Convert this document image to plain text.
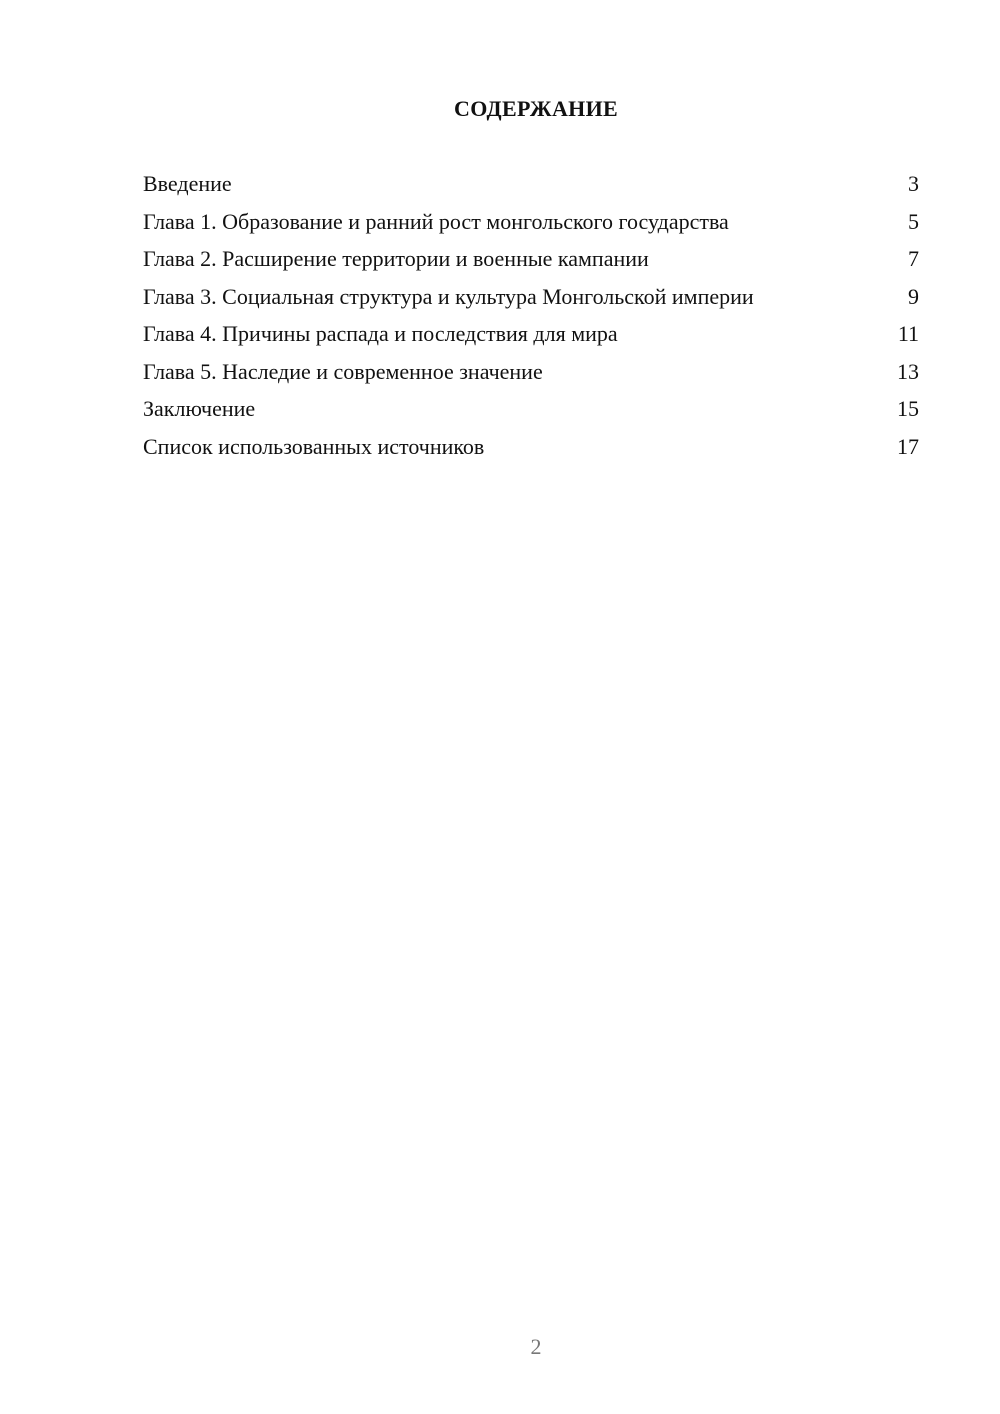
СОДЕРЖАНИЕ
Введение	3
Глава 1. Образование и ранний рост монгольского государства	5
Глава 2. Расширение территории и военные кампании	7
Глава 3. Социальная структура и культура Монгольской империи	9
Глава 4. Причины распада и последствия для мира	11
Глава 5. Наследие и современное значение	13
Заключение	15
Список использованных источников	17
2
